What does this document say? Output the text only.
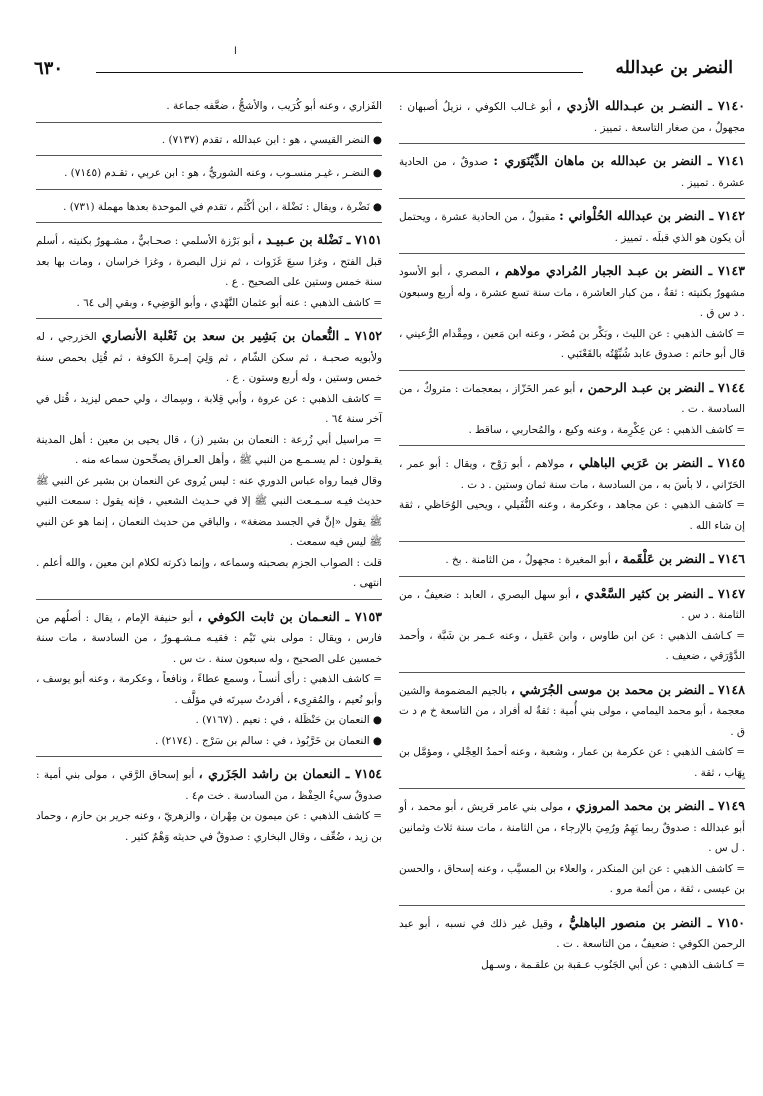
ا
النضر بن عبدالله
٦٣٠
٧١٤٠ ـ النضـر بن عبـدالله الأزدي ، أبو غـالب الكوفي ، نزيلُ أصبهان : مجهولٌ ، من صغار التاسعة . تمييز .
٧١٤١ ـ النضر بن عبدالله بن ماهان الدِّيْنَوَري : صدوقٌ ، من الحادية عشرة . تمييز .
٧١٤٢ ـ النضر بن عبدالله الحُلْواني : مقبولٌ ، من الحادية عشرة ، ويحتمل أن يكون هو الذي قبلَه . تمييز .
٧١٤٣ ـ النضر بن عبـد الجبار المُرادي مولاهم ، المصري ، أبو الأسود مشهورٌ بكنيته : ثقةٌ ، من كبار العاشرة ، مات سنة تسع عشرة ، وله أربع وسبعون . د س ق .
= كاشف الذهبي : عن الليث ، وبَكْر بن مُضَر ، وعنه ابن مَعين ، ومِقْدام الرُّعيني ، قال أبو حاتم : صدوق عابد شُبِّهْتُه بالقَعْنَبي .
٧١٤٤ ـ النضر بن عبـد الرحمن ، أبو عمر الخَزّاز ، بمعجمات : متروكٌ ، من السادسة . ت .
= كاشف الذهبي : عن عِكْرِمة ، وعنه وكيع ، والمُحاربي ، ساقط .
٧١٤٥ ـ النضر بن عَرَبي الباهلي ، مولاهم ، أبو رَوْح ، ويقال : أبو عمر ، الحَرّاني ، لا بأسَ به ، من السادسة ، مات سنة ثمان وستين . د ت .
= كاشف الذهبي : عن مجاهد ، وعكرمة ، وعنه النُّفَيلي ، ويحيى الوُحَاظي ، ثقة إن شاء الله .
٧١٤٦ ـ النضر بن عَلْقَمة ، أبو المغيرة : مجهولٌ ، من الثامنة . بخ .
٧١٤٧ ـ النضر بن كثير السَّعْدي ، أبو سهل البصري ، العابد : ضعيفٌ ، من الثامنة . د س .
= كـاشف الذهبي : عن ابن طاوس ، وابن عَقيل ، وعنه عـمر بن شَبَّة ، وأحمد الدَّوْرَقي ، ضعيف .
٧١٤٨ ـ النضر بن محمد بن موسى الجُرَشي ، بالجيم المضمومة والشين معجمة ، أبو محمد اليمامي ، مولى بني أُمية : ثقةٌ له أفراد ، من التاسعة خ م د ت ق .
= كاشف الذهبي : عن عكرمة بن عمار ، وشعبة ، وعنه أحمدُ العِجْلي ، ومؤمَّل بن يِهَاب ، ثقة .
٧١٤٩ ـ النضر بن محمد المروزي ، مولى بني عامر قريش ، أبو محمد ، أو أبو عبدالله : صدوقٌ ربما يَهِمُ ورُمِيَ بالإرجاء ، من الثامنة ، مات سنة ثلاث وثمانين . ل س .
= كاشف الذهبي : عن ابن المنكدر ، والعلاء بن المسيَّب ، وعنه إسحاق ، والحسن بن عيسى ، ثقة ، من أئمة مرو .
٧١٥٠ ـ النضر بن منصور الباهليُّ ، وقيل غير ذلك في نسبه ، أبو عبد الرحمن الكوفي : ضعيفٌ ، من التاسعة . ت .
= كـاشف الذهبي : عن أبي الجَنُوب عـقبة بن علقـمة ، وسـهل
الفَزاري ، وعنه أبو كُرَيب ، والأشجُّ ، ضعَّفه جماعة .
● النضر القيسي ، هو : ابن عبدالله ، تقدم (٧١٣٧) .
● النضـر ، غيـر منسـوب ، وعنه الشوريُّ ، هو : ابن عربي ، تقـدم (٧١٤٥) .
● نَضْرة ، ويقال : نَضْلة ، ابن أكْثَم ، تقدم في الموحدة بعدها مهملة (٧٣١) .
٧١٥١ ـ نَضْلة بن عـبيـد ، أبو بَرْزة الأسلمي : صحـابيٌّ ، مشـهورٌ بكنيته ، أسلم قبل الفتح ، وغزا سبعَ غَزَوات ، ثم نزل البصرة ، وغزا خراسان ، ومات بها بعد سنة خمس وستين على الصحيح . ع .
= كاشف الذهبي : عنه أبو عثمان النَّهْدي ، وأبو الوَضِيء ، وبقي إلى ٦٤ .
٧١٥٢ ـ النُّعمان بن بَشِير بن سعد بن ثَعْلبة الأنصاري الخزرجي ، له ولأبويه صحبـة ، ثم سكن الشّام ، ثم وَلِيَ إمـرةَ الكوفة ، ثم قُتِل بحمص سنة خمس وستين ، وله أربع وستون . ع .
= كاشف الذهبي : عن عروة ، وأبي قِلابة ، وسِماك ، ولي حمص ليزيد ، قُتل في آخر سنة ٦٤ .
= مراسيل أبي زُرعة : النعمان بن بشير (ز) ، قال يحيى بن معين : أهل المدينة يقـولون : لم يسـمـع من النبي ﷺ ، وأهل العـراق يصحِّحون سماعه منه .
وقال فيما رواه عباس الدوري عنه : ليس يُروى عن النعمان بن بشير عن النبي ﷺ حديث فيـه سـمـعت النبي ﷺ إلا في حـديث الشعبي ، فإنه يقول : سمعت النبي ﷺ يقول «إنَّ في الجسد مضغة» ، والباقي من حديث النعمان ، إنما هو عن النبي ﷺ ليس فيه سمعت .
قلت : الصواب الجزم بصحبته وسماعه ، وإنما ذكرته لكلام ابن معين ، والله أعلم . انتهى .
٧١٥٣ ـ النعـمان بن ثابت الكوفي ، أبو حنيفة الإمام ، يقال : أصلُهم من فارس ، ويقال : مولى بني تَيْم : فقيـه مـشـهـورٌ ، من السادسة ، مات سنة خمسين على الصحيح ، وله سبعون سنة . ت س .
= كاشف الذهبي : رأى أنسـاً ، وسمع عطاءً ، ونافعاً ، وعكرمة ، وعنه أبو يوسف ، وأبو نُعيم ، والمُقرِىء ، أفردتُ سيرتَه في مؤلَّف .
● النعمان بن حَنْظَلة ، في : نعيم . (٧١٦٧) .
● النعمان بن خَرَّبُوذ ، في : سالم بن سَرْج . (٢١٧٤) .
٧١٥٤ ـ النعمان بن راشد الجَزَري ، أبو إسحاق الرَّقي ، مولى بني أمية : صدوقٌ سيءُ الحِفْظ ، من السادسة . خت م٤ .
= كاشف الذهبي : عن ميمون بن مِهْران ، والزهريّ ، وعنه جرير بن حازم ، وحماد بن زيد ، ضُعِّف ، وقال البخاري : صدوقٌ في حديثه وَهْمٌ كثير .
